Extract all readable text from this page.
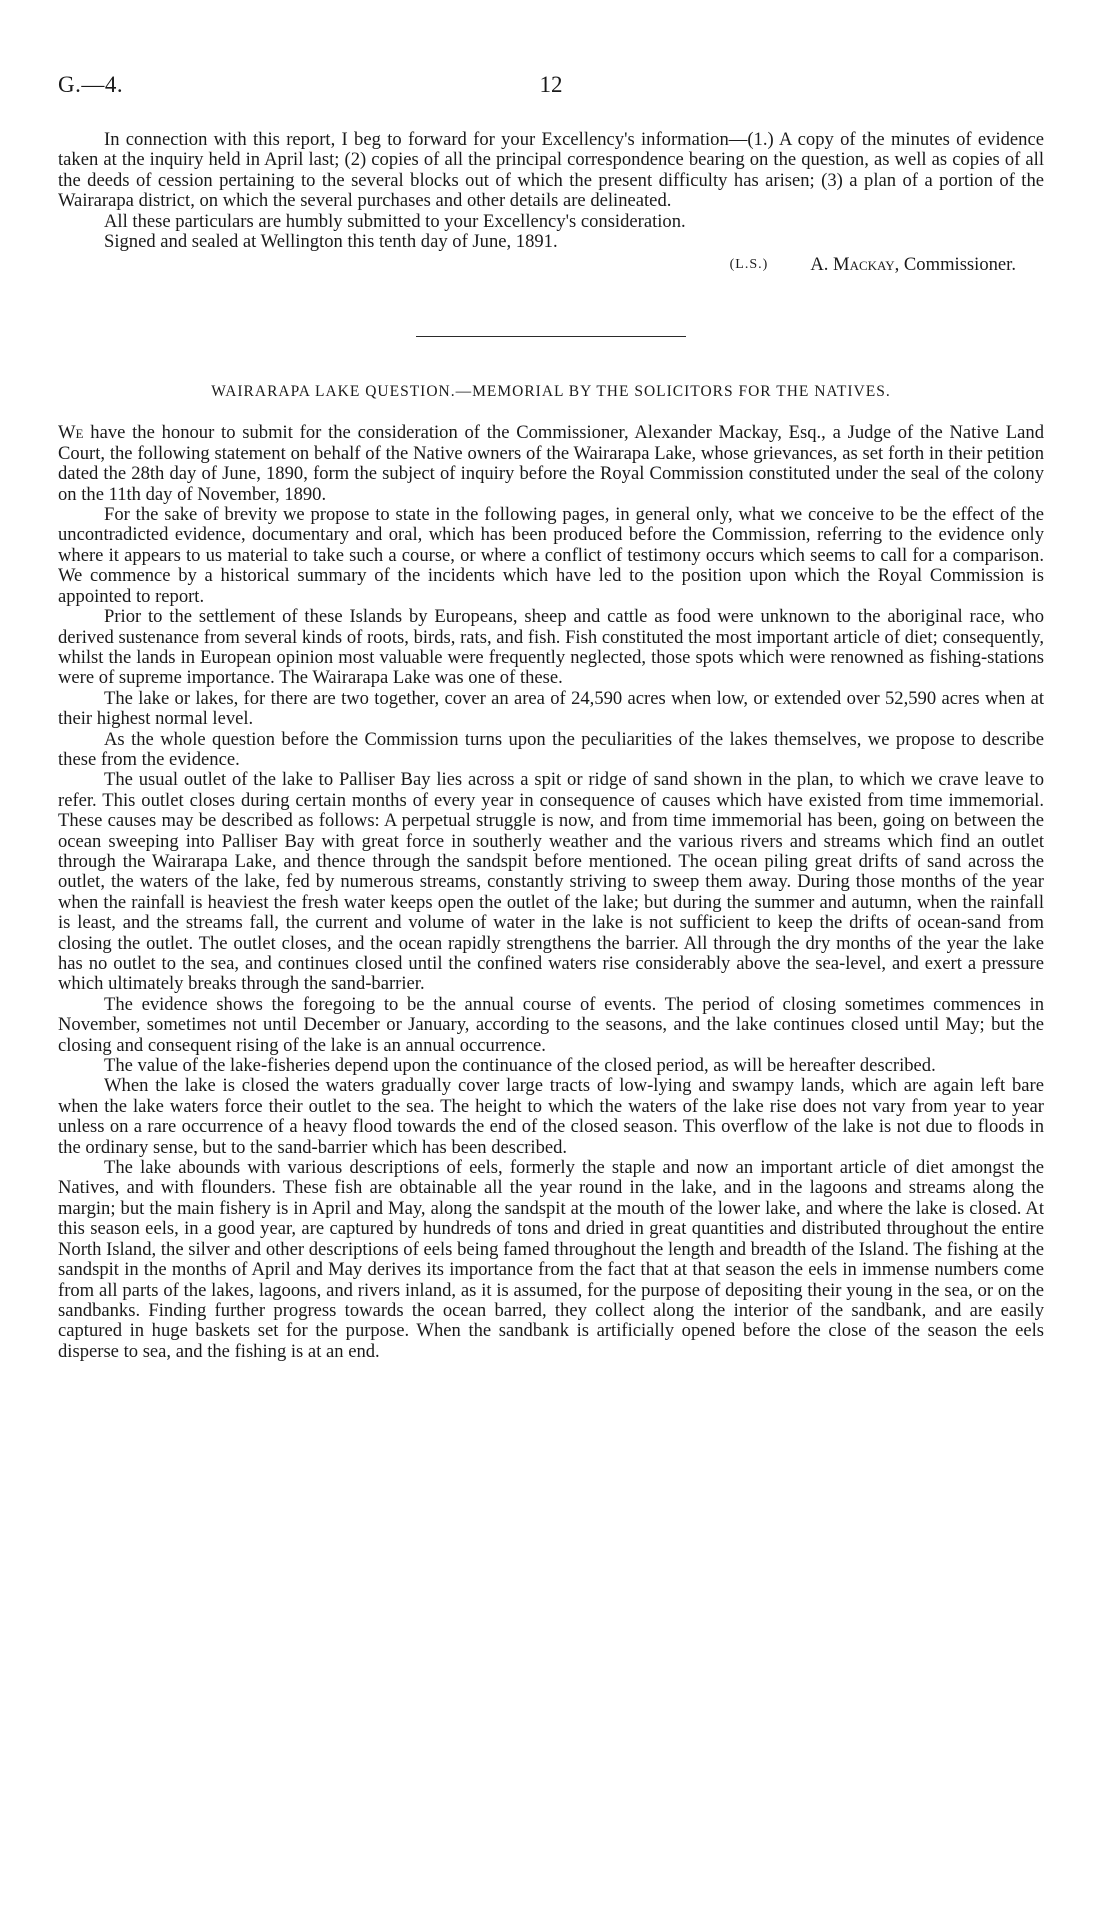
G.—4.	12

In connection with this report, I beg to forward for your Excellency's information—(1.) A copy of the minutes of evidence taken at the inquiry held in April last; (2) copies of all the principal correspondence bearing on the question, as well as copies of all the deeds of cession pertaining to the several blocks out of which the present difficulty has arisen; (3) a plan of a portion of the Wairarapa district, on which the several purchases and other details are delineated.

All these particulars are humbly submitted to your Excellency's consideration.

Signed and sealed at Wellington this tenth day of June, 1891.

(L.S.) A. Mackay, Commissioner.
WAIRARAPA LAKE QUESTION.—MEMORIAL BY THE SOLICITORS FOR THE NATIVES.

We have the honour to submit for the consideration of the Commissioner, Alexander Mackay, Esq., a Judge of the Native Land Court, the following statement on behalf of the Native owners of the Wairarapa Lake, whose grievances, as set forth in their petition dated the 28th day of June, 1890, form the subject of inquiry before the Royal Commission constituted under the seal of the colony on the 11th day of November, 1890.

For the sake of brevity we propose to state in the following pages, in general only, what we conceive to be the effect of the uncontradicted evidence, documentary and oral, which has been produced before the Commission, referring to the evidence only where it appears to us material to take such a course, or where a conflict of testimony occurs which seems to call for a comparison. We commence by a historical summary of the incidents which have led to the position upon which the Royal Commission is appointed to report.

Prior to the settlement of these Islands by Europeans, sheep and cattle as food were unknown to the aboriginal race, who derived sustenance from several kinds of roots, birds, rats, and fish. Fish constituted the most important article of diet; consequently, whilst the lands in European opinion most valuable were frequently neglected, those spots which were renowned as fishing-stations were of supreme importance. The Wairarapa Lake was one of these.

The lake or lakes, for there are two together, cover an area of 24,590 acres when low, or extended over 52,590 acres when at their highest normal level.

As the whole question before the Commission turns upon the peculiarities of the lakes themselves, we propose to describe these from the evidence.

The usual outlet of the lake to Palliser Bay lies across a spit or ridge of sand shown in the plan, to which we crave leave to refer. This outlet closes during certain months of every year in consequence of causes which have existed from time immemorial. These causes may be described as follows: A perpetual struggle is now, and from time immemorial has been, going on between the ocean sweeping into Palliser Bay with great force in southerly weather and the various rivers and streams which find an outlet through the Wairarapa Lake, and thence through the sandspit before mentioned. The ocean piling great drifts of sand across the outlet, the waters of the lake, fed by numerous streams, constantly striving to sweep them away. During those months of the year when the rainfall is heaviest the fresh water keeps open the outlet of the lake; but during the summer and autumn, when the rainfall is least, and the streams fall, the current and volume of water in the lake is not sufficient to keep the drifts of ocean-sand from closing the outlet. The outlet closes, and the ocean rapidly strengthens the barrier. All through the dry months of the year the lake has no outlet to the sea, and continues closed until the confined waters rise considerably above the sea-level, and exert a pressure which ultimately breaks through the sand-barrier.

The evidence shows the foregoing to be the annual course of events. The period of closing sometimes commences in November, sometimes not until December or January, according to the seasons, and the lake continues closed until May; but the closing and consequent rising of the lake is an annual occurrence.

The value of the lake-fisheries depend upon the continuance of the closed period, as will be hereafter described.

When the lake is closed the waters gradually cover large tracts of low-lying and swampy lands, which are again left bare when the lake waters force their outlet to the sea. The height to which the waters of the lake rise does not vary from year to year unless on a rare occurrence of a heavy flood towards the end of the closed season. This overflow of the lake is not due to floods in the ordinary sense, but to the sand-barrier which has been described.

The lake abounds with various descriptions of eels, formerly the staple and now an important article of diet amongst the Natives, and with flounders. These fish are obtainable all the year round in the lake, and in the lagoons and streams along the margin; but the main fishery is in April and May, along the sandspit at the mouth of the lower lake, and where the lake is closed. At this season eels, in a good year, are captured by hundreds of tons and dried in great quantities and distributed throughout the entire North Island, the silver and other descriptions of eels being famed throughout the length and breadth of the Island. The fishing at the sandspit in the months of April and May derives its importance from the fact that at that season the eels in immense numbers come from all parts of the lakes, lagoons, and rivers inland, as it is assumed, for the purpose of depositing their young in the sea, or on the sandbanks. Finding further progress towards the ocean barred, they collect along the interior of the sandbank, and are easily captured in huge baskets set for the purpose. When the sandbank is artificially opened before the close of the season the eels disperse to sea, and the fishing is at an end.
